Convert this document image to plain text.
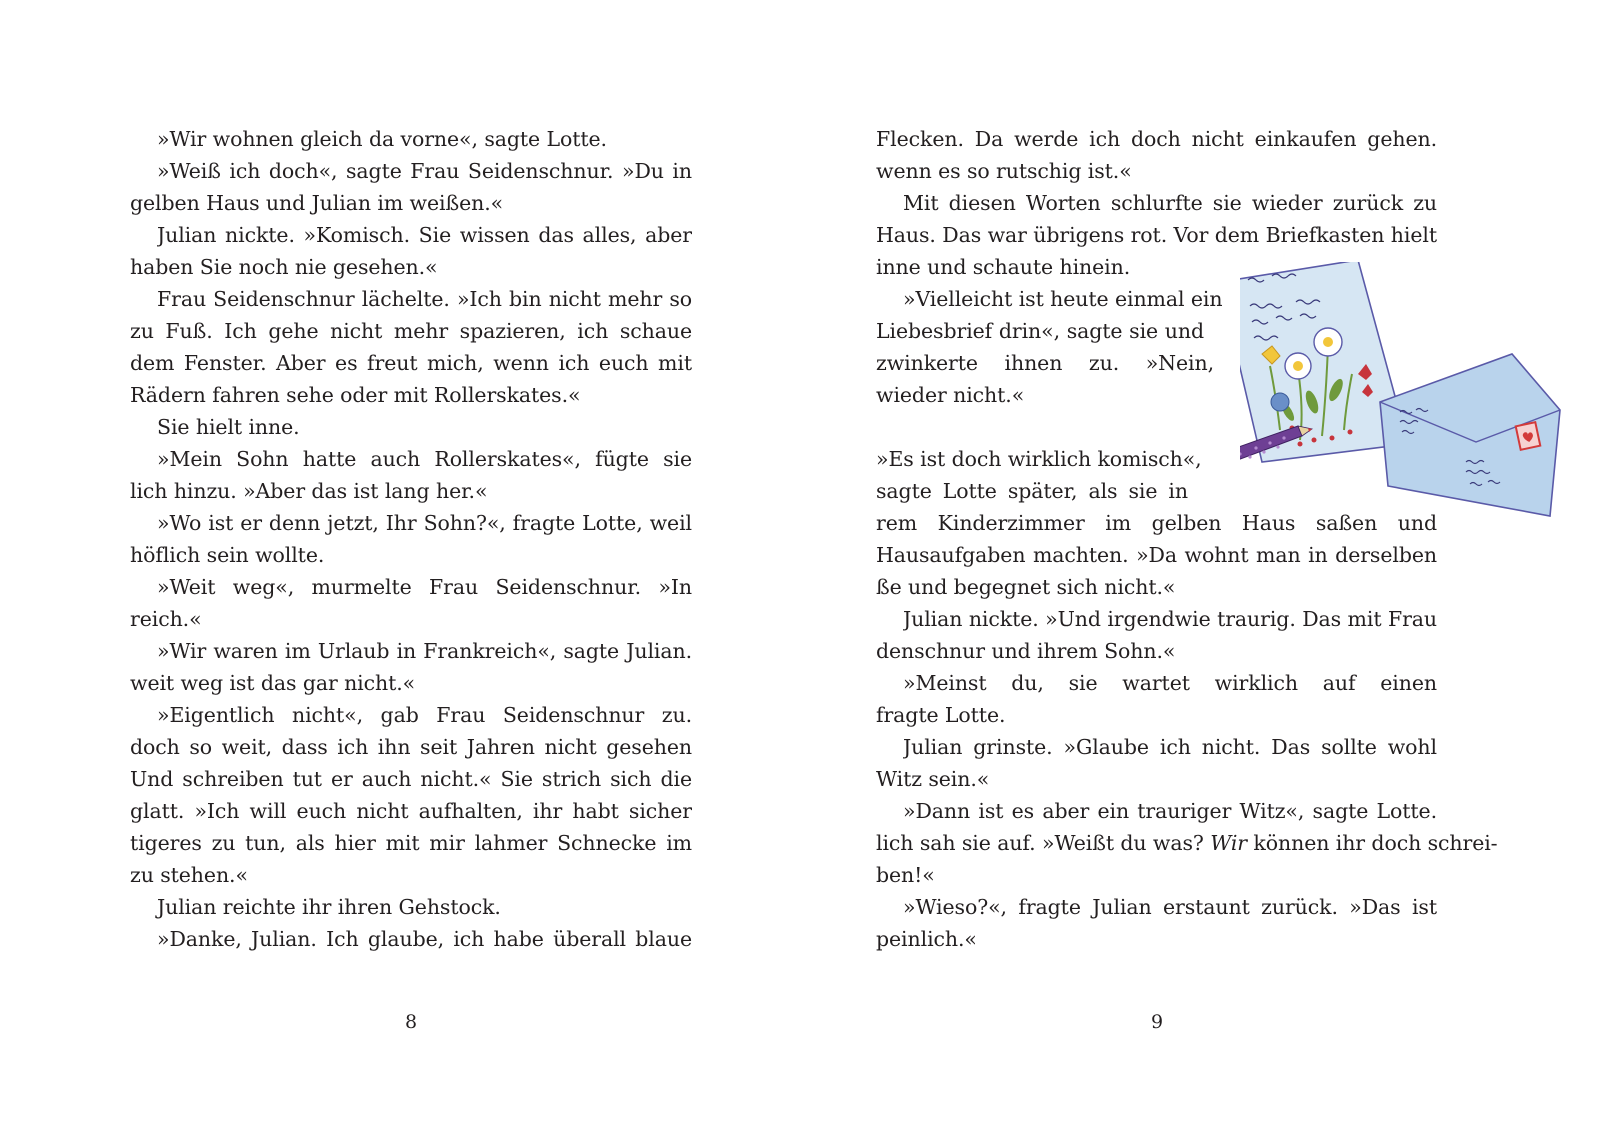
»Wir wohnen gleich da vorne«, sagte Lotte.
»Weiß ich doch«, sagte Frau Seidenschnur. »Du in
gelben Haus und Julian im weißen.«
Julian nickte. »Komisch. Sie wissen das alles, aber
haben Sie noch nie gesehen.«
Frau Seidenschnur lächelte. »Ich bin nicht mehr so
zu Fuß. Ich gehe nicht mehr spazieren, ich schaue
dem Fenster. Aber es freut mich, wenn ich euch mit
Rädern fahren sehe oder mit Rollerskates.«
Sie hielt inne.
»Mein Sohn hatte auch Rollerskates«, fügte sie
lich hinzu. »Aber das ist lang her.«
»Wo ist er denn jetzt, Ihr Sohn?«, fragte Lotte, weil
höflich sein wollte.
»Weit weg«, murmelte Frau Seidenschnur. »In
reich.«
»Wir waren im Urlaub in Frankreich«, sagte Julian.
weit weg ist das gar nicht.«
»Eigentlich nicht«, gab Frau Seidenschnur zu.
doch so weit, dass ich ihn seit Jahren nicht gesehen
Und schreiben tut er auch nicht.« Sie strich sich die
glatt. »Ich will euch nicht aufhalten, ihr habt sicher
tigeres zu tun, als hier mit mir lahmer Schnecke im
zu stehen.«
Julian reichte ihr ihren Gehstock.
»Danke, Julian. Ich glaube, ich habe überall blaue
8
Flecken. Da werde ich doch nicht einkaufen gehen.
wenn es so rutschig ist.«
Mit diesen Worten schlurfte sie wieder zurück zu
Haus. Das war übrigens rot. Vor dem Briefkasten hielt
inne und schaute hinein.
»Vielleicht ist heute einmal ein
Liebesbrief drin«, sagte sie und
zwinkerte ihnen zu. »Nein,
wieder nicht.«
»Es ist doch wirklich komisch«,
sagte Lotte später, als sie in
rem Kinderzimmer im gelben Haus saßen und
Hausaufgaben machten. »Da wohnt man in derselben
ße und begegnet sich nicht.«
Julian nickte. »Und irgendwie traurig. Das mit Frau
denschnur und ihrem Sohn.«
»Meinst du, sie wartet wirklich auf einen
fragte Lotte.
Julian grinste. »Glaube ich nicht. Das sollte wohl
Witz sein.«
»Dann ist es aber ein trauriger Witz«, sagte Lotte.
lich sah sie auf. »Weißt du was? Wir können ihr doch schrei-
ben!«
»Wieso?«, fragte Julian erstaunt zurück. »Das ist
peinlich.«
9
